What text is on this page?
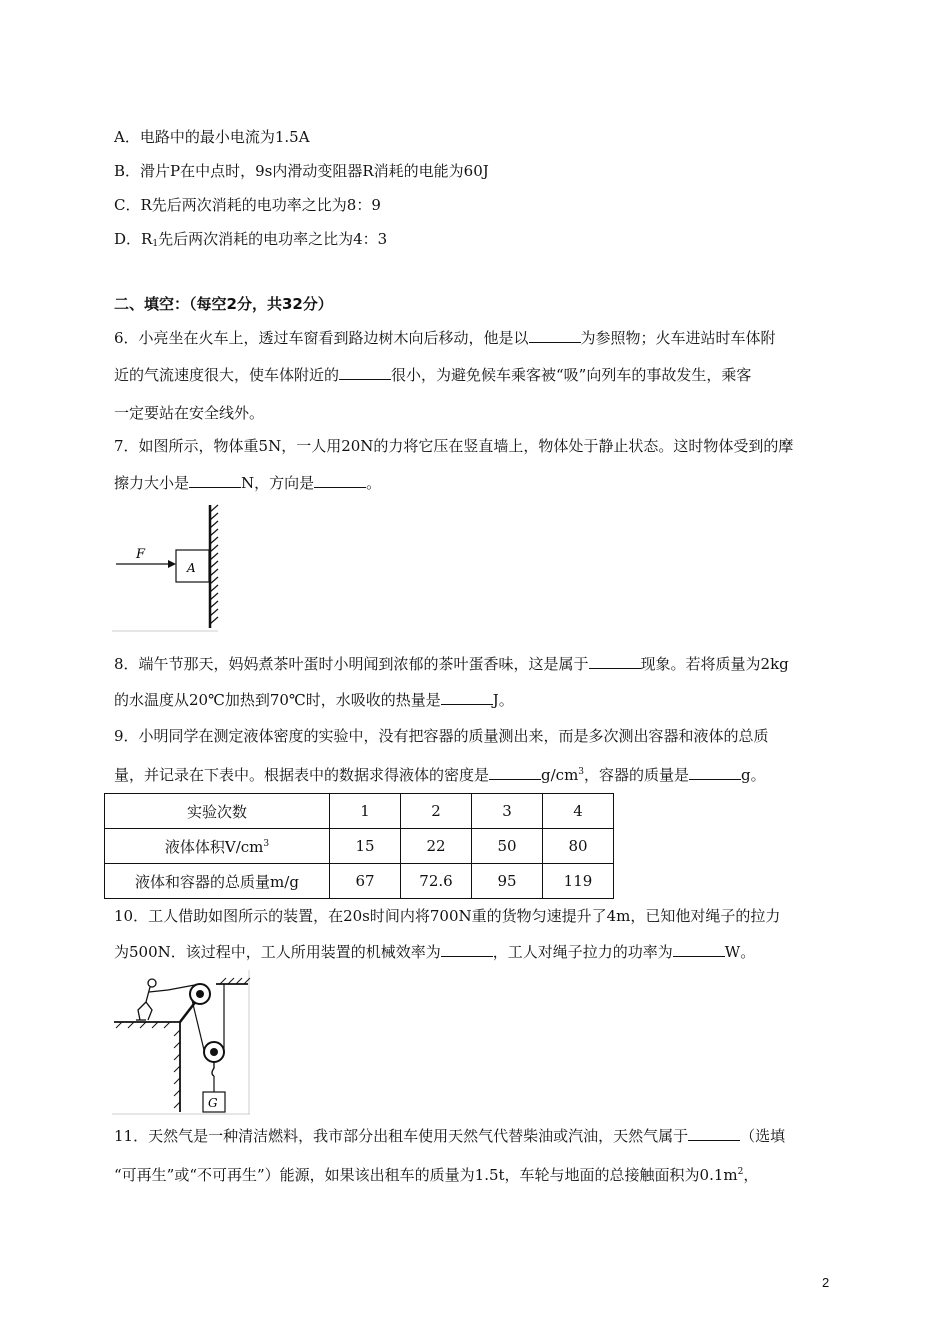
A．电路中的最小电流为1.5A
B．滑片P在中点时，9s内滑动变阻器R消耗的电能为60J
C．R先后两次消耗的电功率之比为8：9
D．$R_1$先后两次消耗的电功率之比为4：3
二、填空：（每空2分，共32分）
6．小亮坐在火车上，透过车窗看到路边树木向后移动，他是以	为参照物；火车进站时车体附
近的气流速度很大，使车体附近的	很小，为避免候车乘客被“吸”向列车的事故发生，乘客
一定要站在安全线外。
7．如图所示，物体重5N，一人用20N的力将它压在竖直墙上，物体处于静止状态。这时物体受到的摩
擦力大小是	N，方向是	。
F
A
8．端午节那天，妈妈煮茶叶蛋时小明闻到浓郁的茶叶蛋香味，这是属于	现象。若将质量为2kg
的水温度从20℃加热到70℃时，水吸收的热量是	J。
9．小明同学在测定液体密度的实验中，没有把容器的质量测出来，而是多次测出容器和液体的总质
量，并记录在下表中。根据表中的数据求得液体的密度是	$g/cm^3$，容器的质量是	g。
实验次数	1	2	3	4
液体体积$V/cm^3$	15	22	50	80
液体和容器的总质量m/g	67	72.6	95	119
10．工人借助如图所示的装置，在20s时间内将700N重的货物匀速提升了4m，已知他对绳子的拉力
为500N．该过程中，工人所用装置的机械效率为	，工人对绳子拉力的功率为	W。
G
11．天然气是一种清洁燃料，我市部分出租车使用天然气代替柴油或汽油，天然气属于	（选填
“可再生”或“不可再生”）能源，如果该出租车的质量为1.5t，车轮与地面的总接触面积为$0.1m^2$，
2
